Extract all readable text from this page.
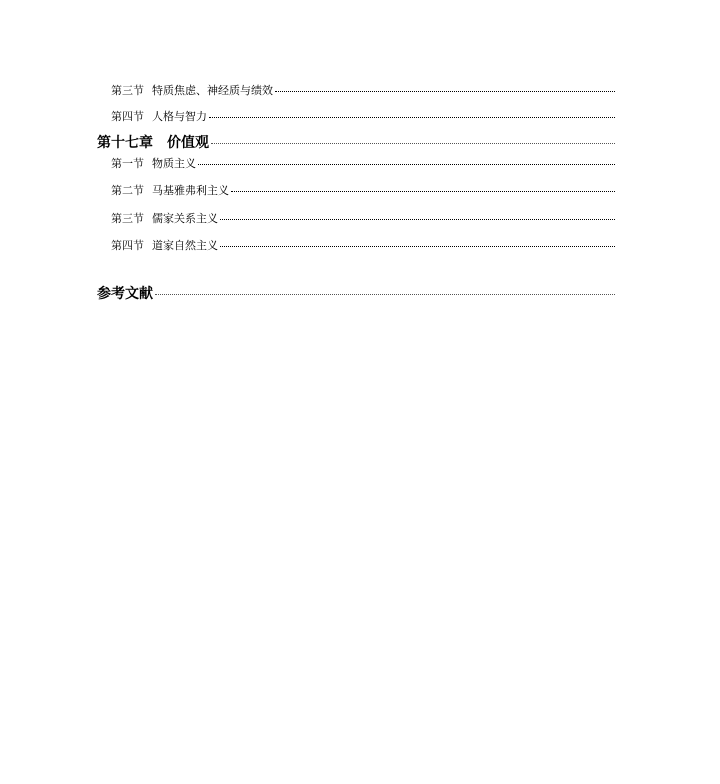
第三节 特质焦虑、神经质与绩效
第四节 人格与智力
第十七章 价值观
第一节 物质主义
第二节 马基雅弗利主义
第三节 儒家关系主义
第四节 道家自然主义
参考文献
